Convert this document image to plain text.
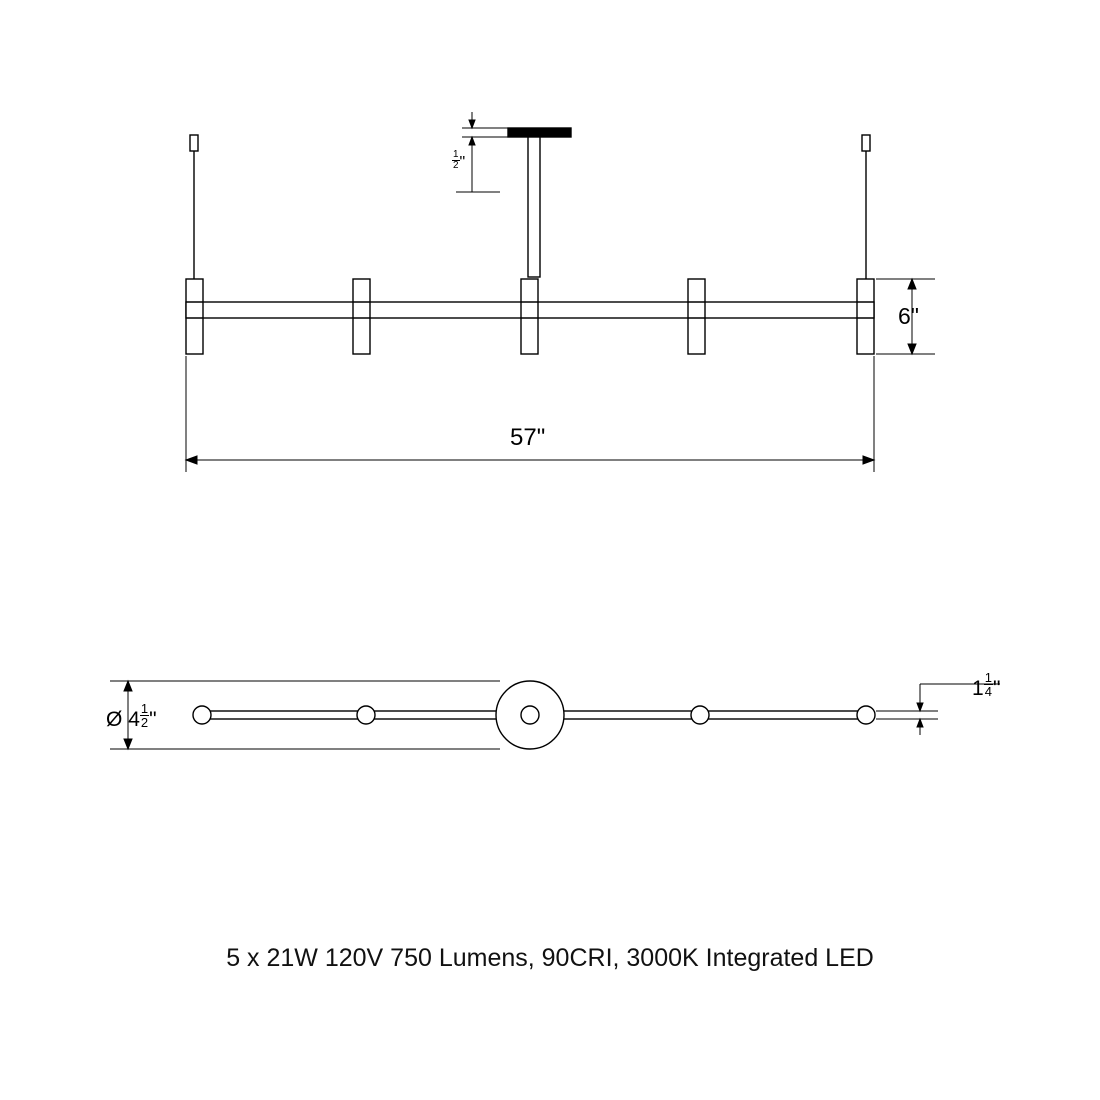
$\frac{1}{2}$ "
57"
6"
Ø $4 \frac{1}{2}$ "
$1 \frac{1}{4}$ "
5 x 21W 120V 750 Lumens, 90CRI, 3000K Integrated LED
